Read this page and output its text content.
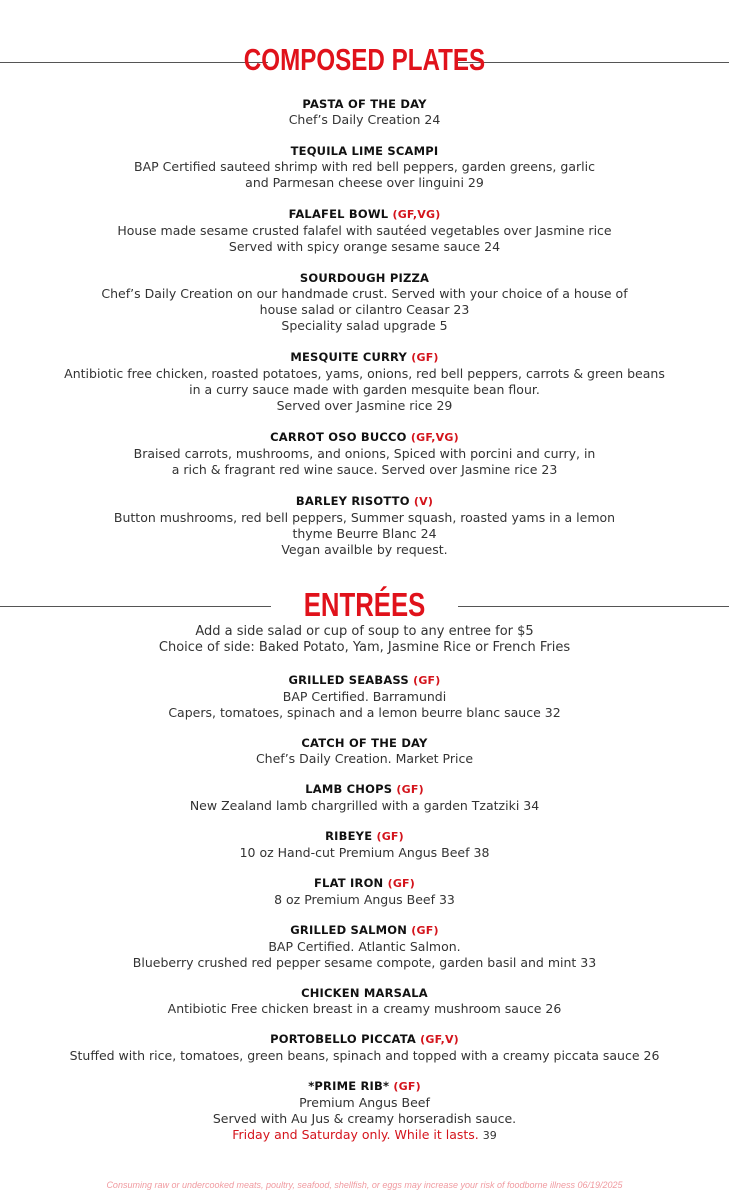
COMPOSED PLATES
PASTA OF THE DAY
Chef’s Daily Creation 24
TEQUILA LIME SCAMPI
BAP Certified sauteed shrimp with red bell peppers, garden greens, garlic
and Parmesan cheese over linguini 29
FALAFEL BOWL (GF,VG)
House made sesame crusted falafel with sautéed vegetables over Jasmine rice
Served with spicy orange sesame sauce 24
SOURDOUGH PIZZA
Chef’s Daily Creation on our handmade crust. Served with your choice of a house of
house salad or cilantro Ceasar 23
Speciality salad upgrade 5
MESQUITE CURRY (GF)
Antibiotic free chicken, roasted potatoes, yams, onions, red bell peppers, carrots & green beans
in a curry sauce made with garden mesquite bean flour.
Served over Jasmine rice 29
CARROT OSO BUCCO (GF,VG)
Braised carrots, mushrooms, and onions, Spiced with porcini and curry, in
a rich & fragrant red wine sauce. Served over Jasmine rice 23
BARLEY RISOTTO (V)
Button mushrooms, red bell peppers, Summer squash, roasted yams in a lemon
thyme Beurre Blanc 24
Vegan availble by request.
ENTRÉES
Add a side salad or cup of soup to any entree for $5
Choice of side: Baked Potato, Yam, Jasmine Rice or French Fries
GRILLED SEABASS (GF)
BAP Certified. Barramundi
Capers, tomatoes, spinach and a lemon beurre blanc sauce 32
CATCH OF THE DAY
Chef’s Daily Creation. Market Price
LAMB CHOPS (GF)
New Zealand lamb chargrilled with a garden Tzatziki 34
RIBEYE (GF)
10 oz Hand-cut Premium Angus Beef 38
FLAT IRON (GF)
8 oz Premium Angus Beef 33
GRILLED SALMON (GF)
BAP Certified. Atlantic Salmon.
Blueberry crushed red pepper sesame compote, garden basil and mint 33
CHICKEN MARSALA
Antibiotic Free chicken breast in a creamy mushroom sauce 26
PORTOBELLO PICCATA (GF,V)
Stuffed with rice, tomatoes, green beans, spinach and topped with a creamy piccata sauce 26
*PRIME RIB* (GF)
Premium Angus Beef
Served with Au Jus & creamy horseradish sauce.
Friday and Saturday only. While it lasts. 39
Consuming raw or undercooked meats, poultry, seafood, shellfish, or eggs may increase your risk of foodborne illness 06/19/2025
